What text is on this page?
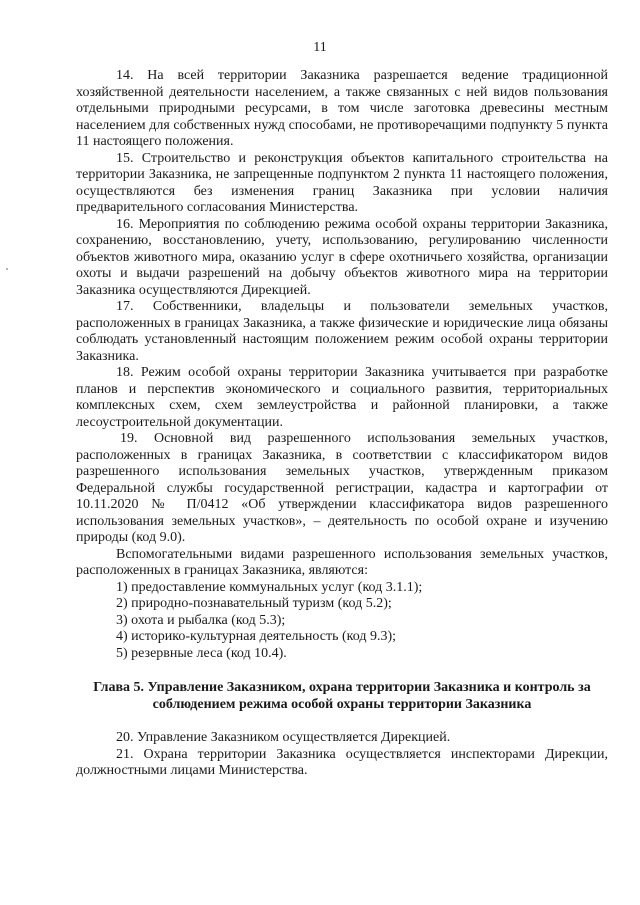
11

14. На всей территории Заказника разрешается ведение традиционной хозяйственной деятельности населением, а также связанных с ней видов пользования отдельными природными ресурсами, в том числе заготовка древесины местным населением для собственных нужд способами, не противоречащими подпункту 5 пункта 11 настоящего положения.

15. Строительство и реконструкция объектов капитального строительства на территории Заказника, не запрещенные подпунктом 2 пункта 11 настоящего положения, осуществляются без изменения границ Заказника при условии наличия предварительного согласования Министерства.

16. Мероприятия по соблюдению режима особой охраны территории Заказника, сохранению, восстановлению, учету, использованию, регулированию численности объектов животного мира, оказанию услуг в сфере охотничьего хозяйства, организации охоты и выдачи разрешений на добычу объектов животного мира на территории Заказника осуществляются Дирекцией.

17. Собственники, владельцы и пользователи земельных участков, расположенных в границах Заказника, а также физические и юридические лица обязаны соблюдать установленный настоящим положением режим особой охраны территории Заказника.

18. Режим особой охраны территории Заказника учитывается при разработке планов и перспектив экономического и социального развития, территориальных комплексных схем, схем землеустройства и районной планировки, а также лесоустроительной документации.

19. Основной вид разрешенного использования земельных участков, расположенных в границах Заказника, в соответствии с классификатором видов разрешенного использования земельных участков, утвержденным приказом Федеральной службы государственной регистрации, кадастра и картографии от 10.11.2020 № П/0412 «Об утверждении классификатора видов разрешенного использования земельных участков», – деятельность по особой охране и изучению природы (код 9.0).

Вспомогательными видами разрешенного использования земельных участков, расположенных в границах Заказника, являются:

1) предоставление коммунальных услуг (код 3.1.1);
2) природно-познавательный туризм (код 5.2);
3) охота и рыбалка (код 5.3);
4) историко-культурная деятельность (код 9.3);
5) резервные леса (код 10.4).
Глава 5. Управление Заказником, охрана территории Заказника и контроль за соблюдением режима особой охраны территории Заказника

20. Управление Заказником осуществляется Дирекцией.

21. Охрана территории Заказника осуществляется инспекторами Дирекции, должностными лицами Министерства.
